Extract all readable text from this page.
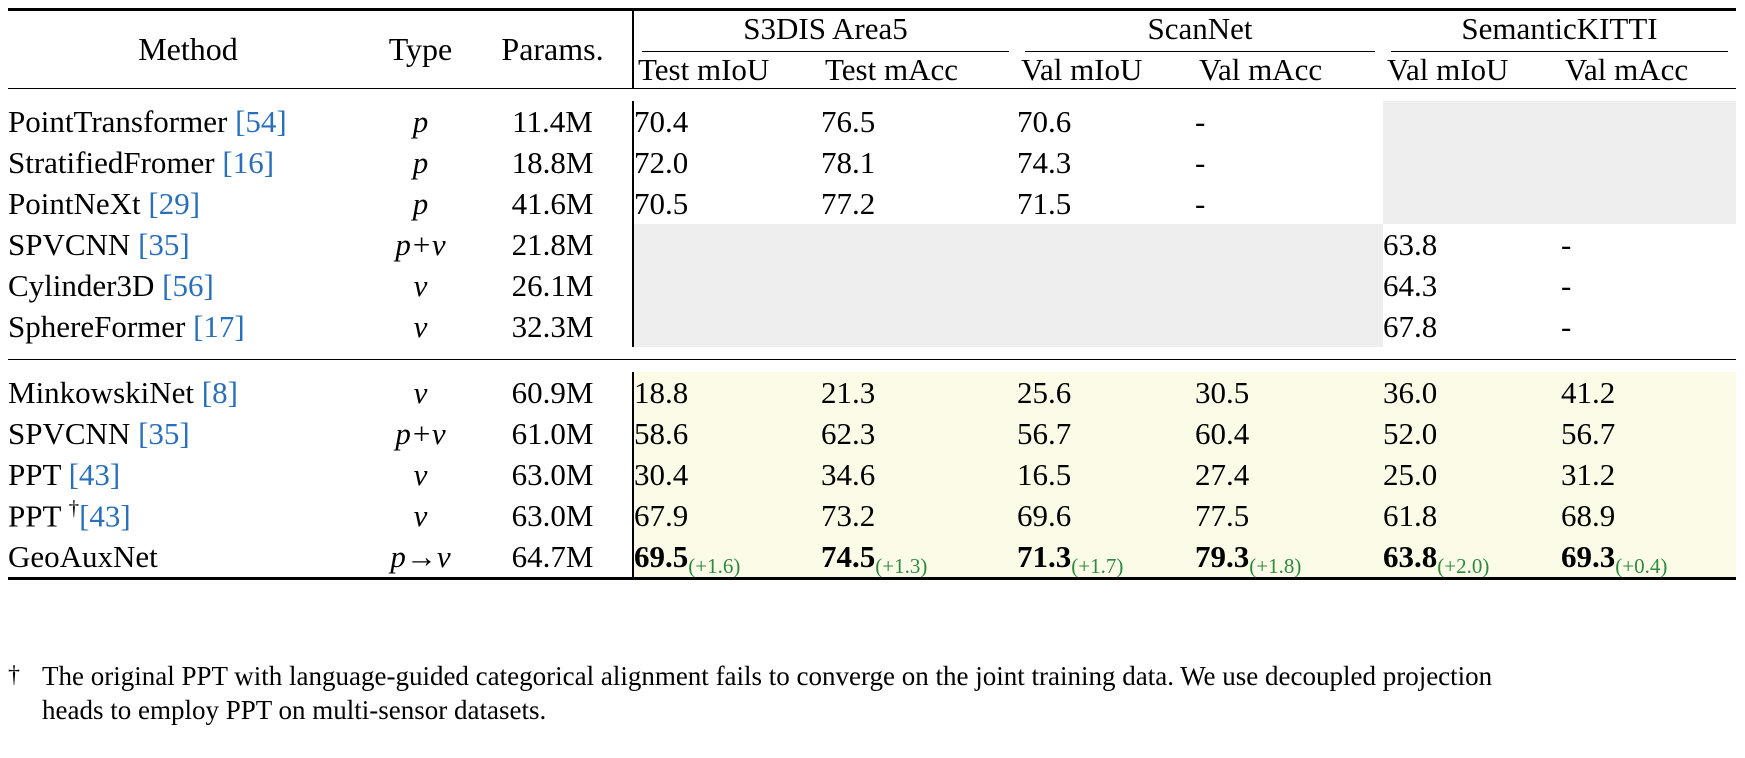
Method	Type	Params.	S3DIS Area5		ScanNet		SemanticKITTI	

			Test mIoU	Test mAcc	Val mIoU	Val mAcc	Val mIoU	Val mAcc

PointTransformer [54]	p	11.4M	70.4	76.5	70.6	-		
StratifiedFromer [16]	p	18.8M	72.0	78.1	74.3	-		
PointNeXt [29]	p	41.6M	70.5	77.2	71.5	-		
SPVCNN [35]	p+v	21.8M					63.8	-
Cylinder3D [56]	v	26.1M					64.3	-
SphereFormer [17]	v	32.3M					67.8	-

MinkowskiNet [8]	v	60.9M	18.8	21.3	25.6	30.5	36.0	41.2
SPVCNN [35]	p+v	61.0M	58.6	62.3	56.7	60.4	52.0	56.7
PPT [43]	v	63.0M	30.4	34.6	16.5	27.4	25.0	31.2
PPT †[43]	v	63.0M	67.9	73.2	69.6	77.5	61.8	68.9
GeoAuxNet	p→v	64.7M	69.5(+1.6)	74.5(+1.3)	71.3(+1.7)	79.3(+1.8)	63.8(+2.0)	69.3(+0.4)

† The original PPT with language-guided categorical alignment fails to converge on the joint training data. We use decoupled projection
heads to employ PPT on multi-sensor datasets.
